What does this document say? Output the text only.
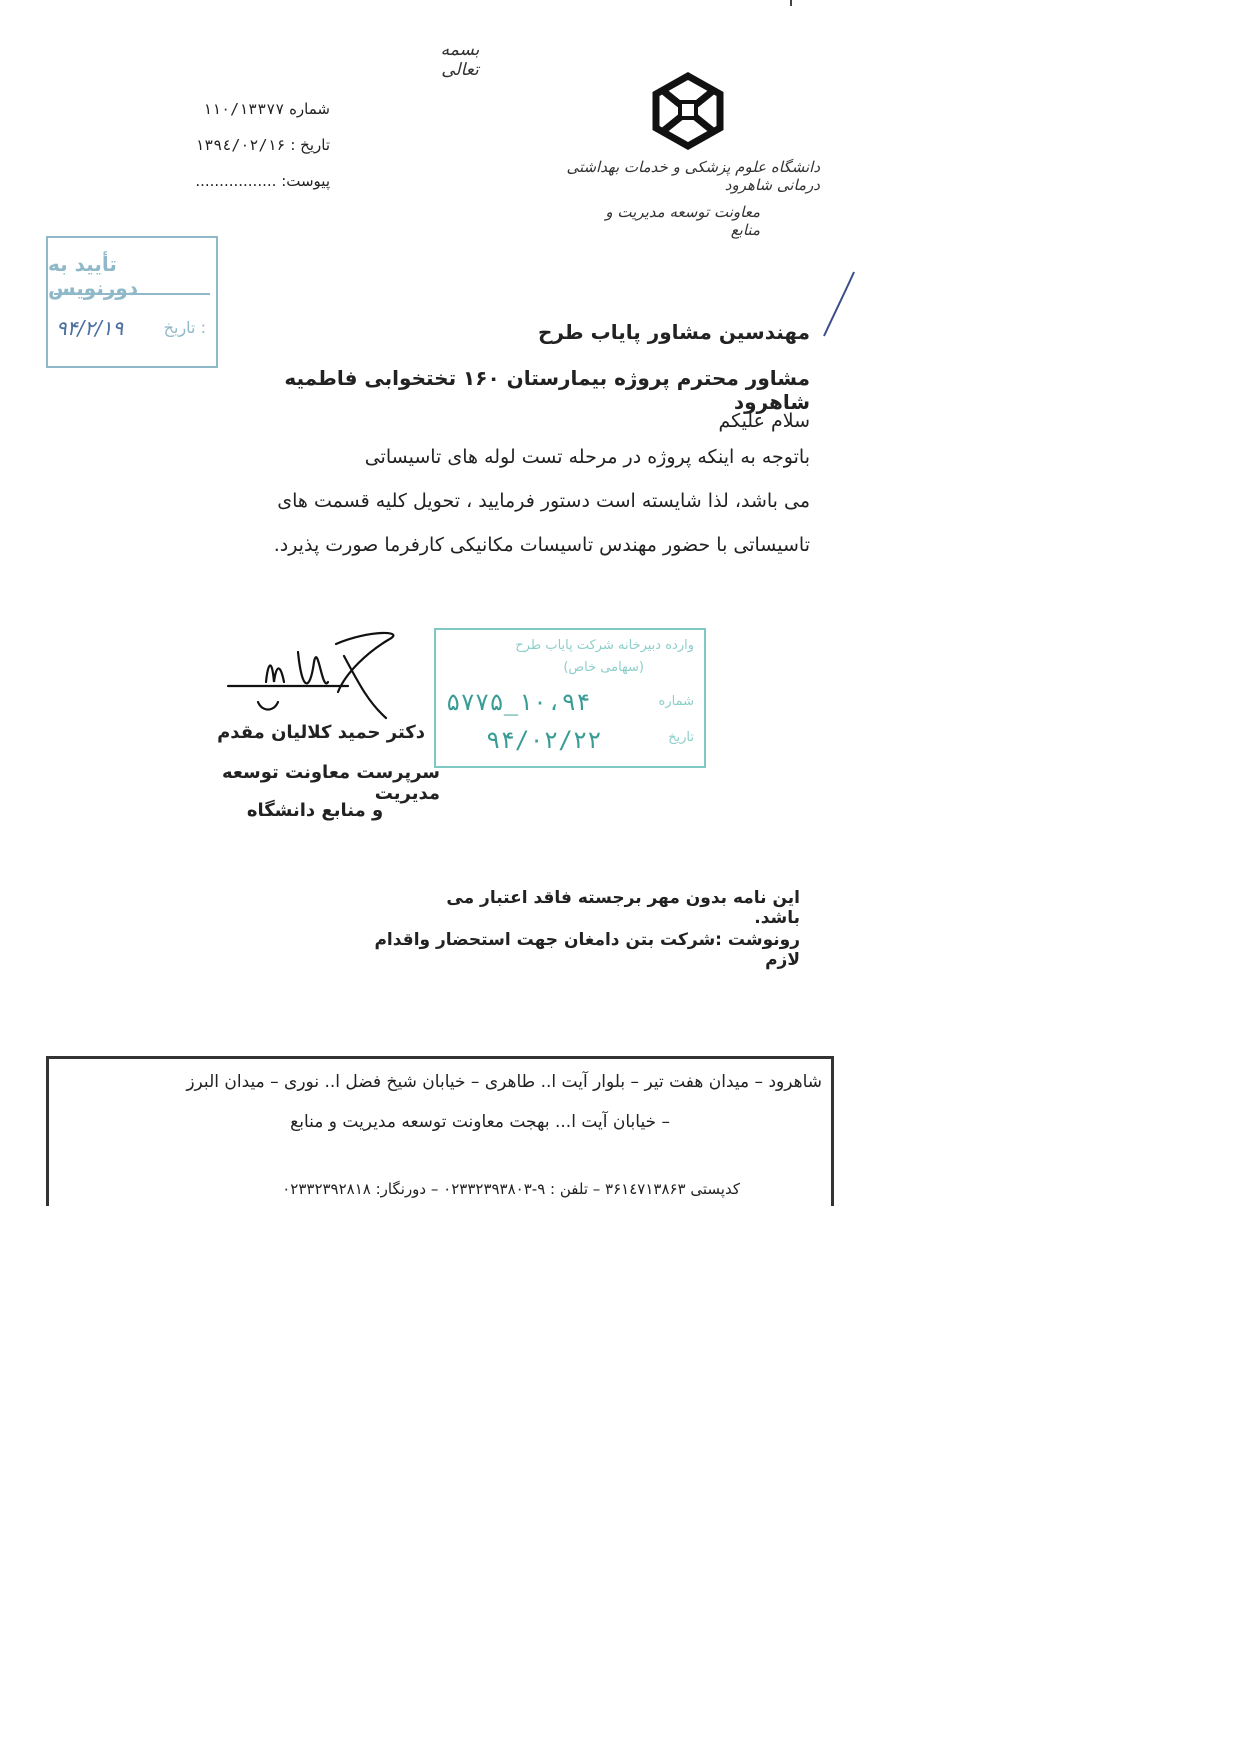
بسمه تعالی
دانشگاه علوم پزشکی و خدمات بهداشتی درمانی شاهرود
معاونت توسعه مدیریت و منابع
شماره ۱۱۰/۱۳۳۷۷
تاریخ : ۱۳۹٤/۰۲/۱۶
پیوست: .................
تأیید به دورنویس
تاریخ :
۹۴/۲/۱۹	مهندسین مشاور پایاب طرح
مشاور محترم پروژه بیمارستان ۱۶۰ تختخوابی فاطمیه شاهرود
سلام علیکم
باتوجه به اینکه پروژه در مرحله تست لوله های تاسیساتی
می باشد، لذا شایسته است دستور فرمایید ، تحویل کلیه قسمت های
تاسیساتی با حضور مهندس تاسیسات مکانیکی کارفرما صورت پذیرد.
دکتر حمید کلالیان مقدم
سرپرست معاونت توسعه مدیریت
و منابع دانشگاه
وارده دبیرخانه شرکت پایاب طرح
(سهامی خاص)
شماره
۱۰،۹۴_۵۷۷۵
تاریخ
۹۴/۰۲/۲۲
این نامه بدون مهر برجسته فاقد اعتبار می باشد.
رونوشت :شرکت بتن دامغان جهت استحضار واقدام لازم
شاهرود – میدان هفت تیر – بلوار آیت ا.. طاهری – خیابان شیخ فضل ا.. نوری – میدان البرز
– خیابان آیت ا... بهجت معاونت توسعه مدیریت و منابع
کدپستی ۳۶۱٤۷۱۳۸۶۳ – تلفن : ۹-۰۲۳۳۲۳۹۳۸۰۳ – دورنگار: ۰۲۳۳۲۳۹۲۸۱۸
